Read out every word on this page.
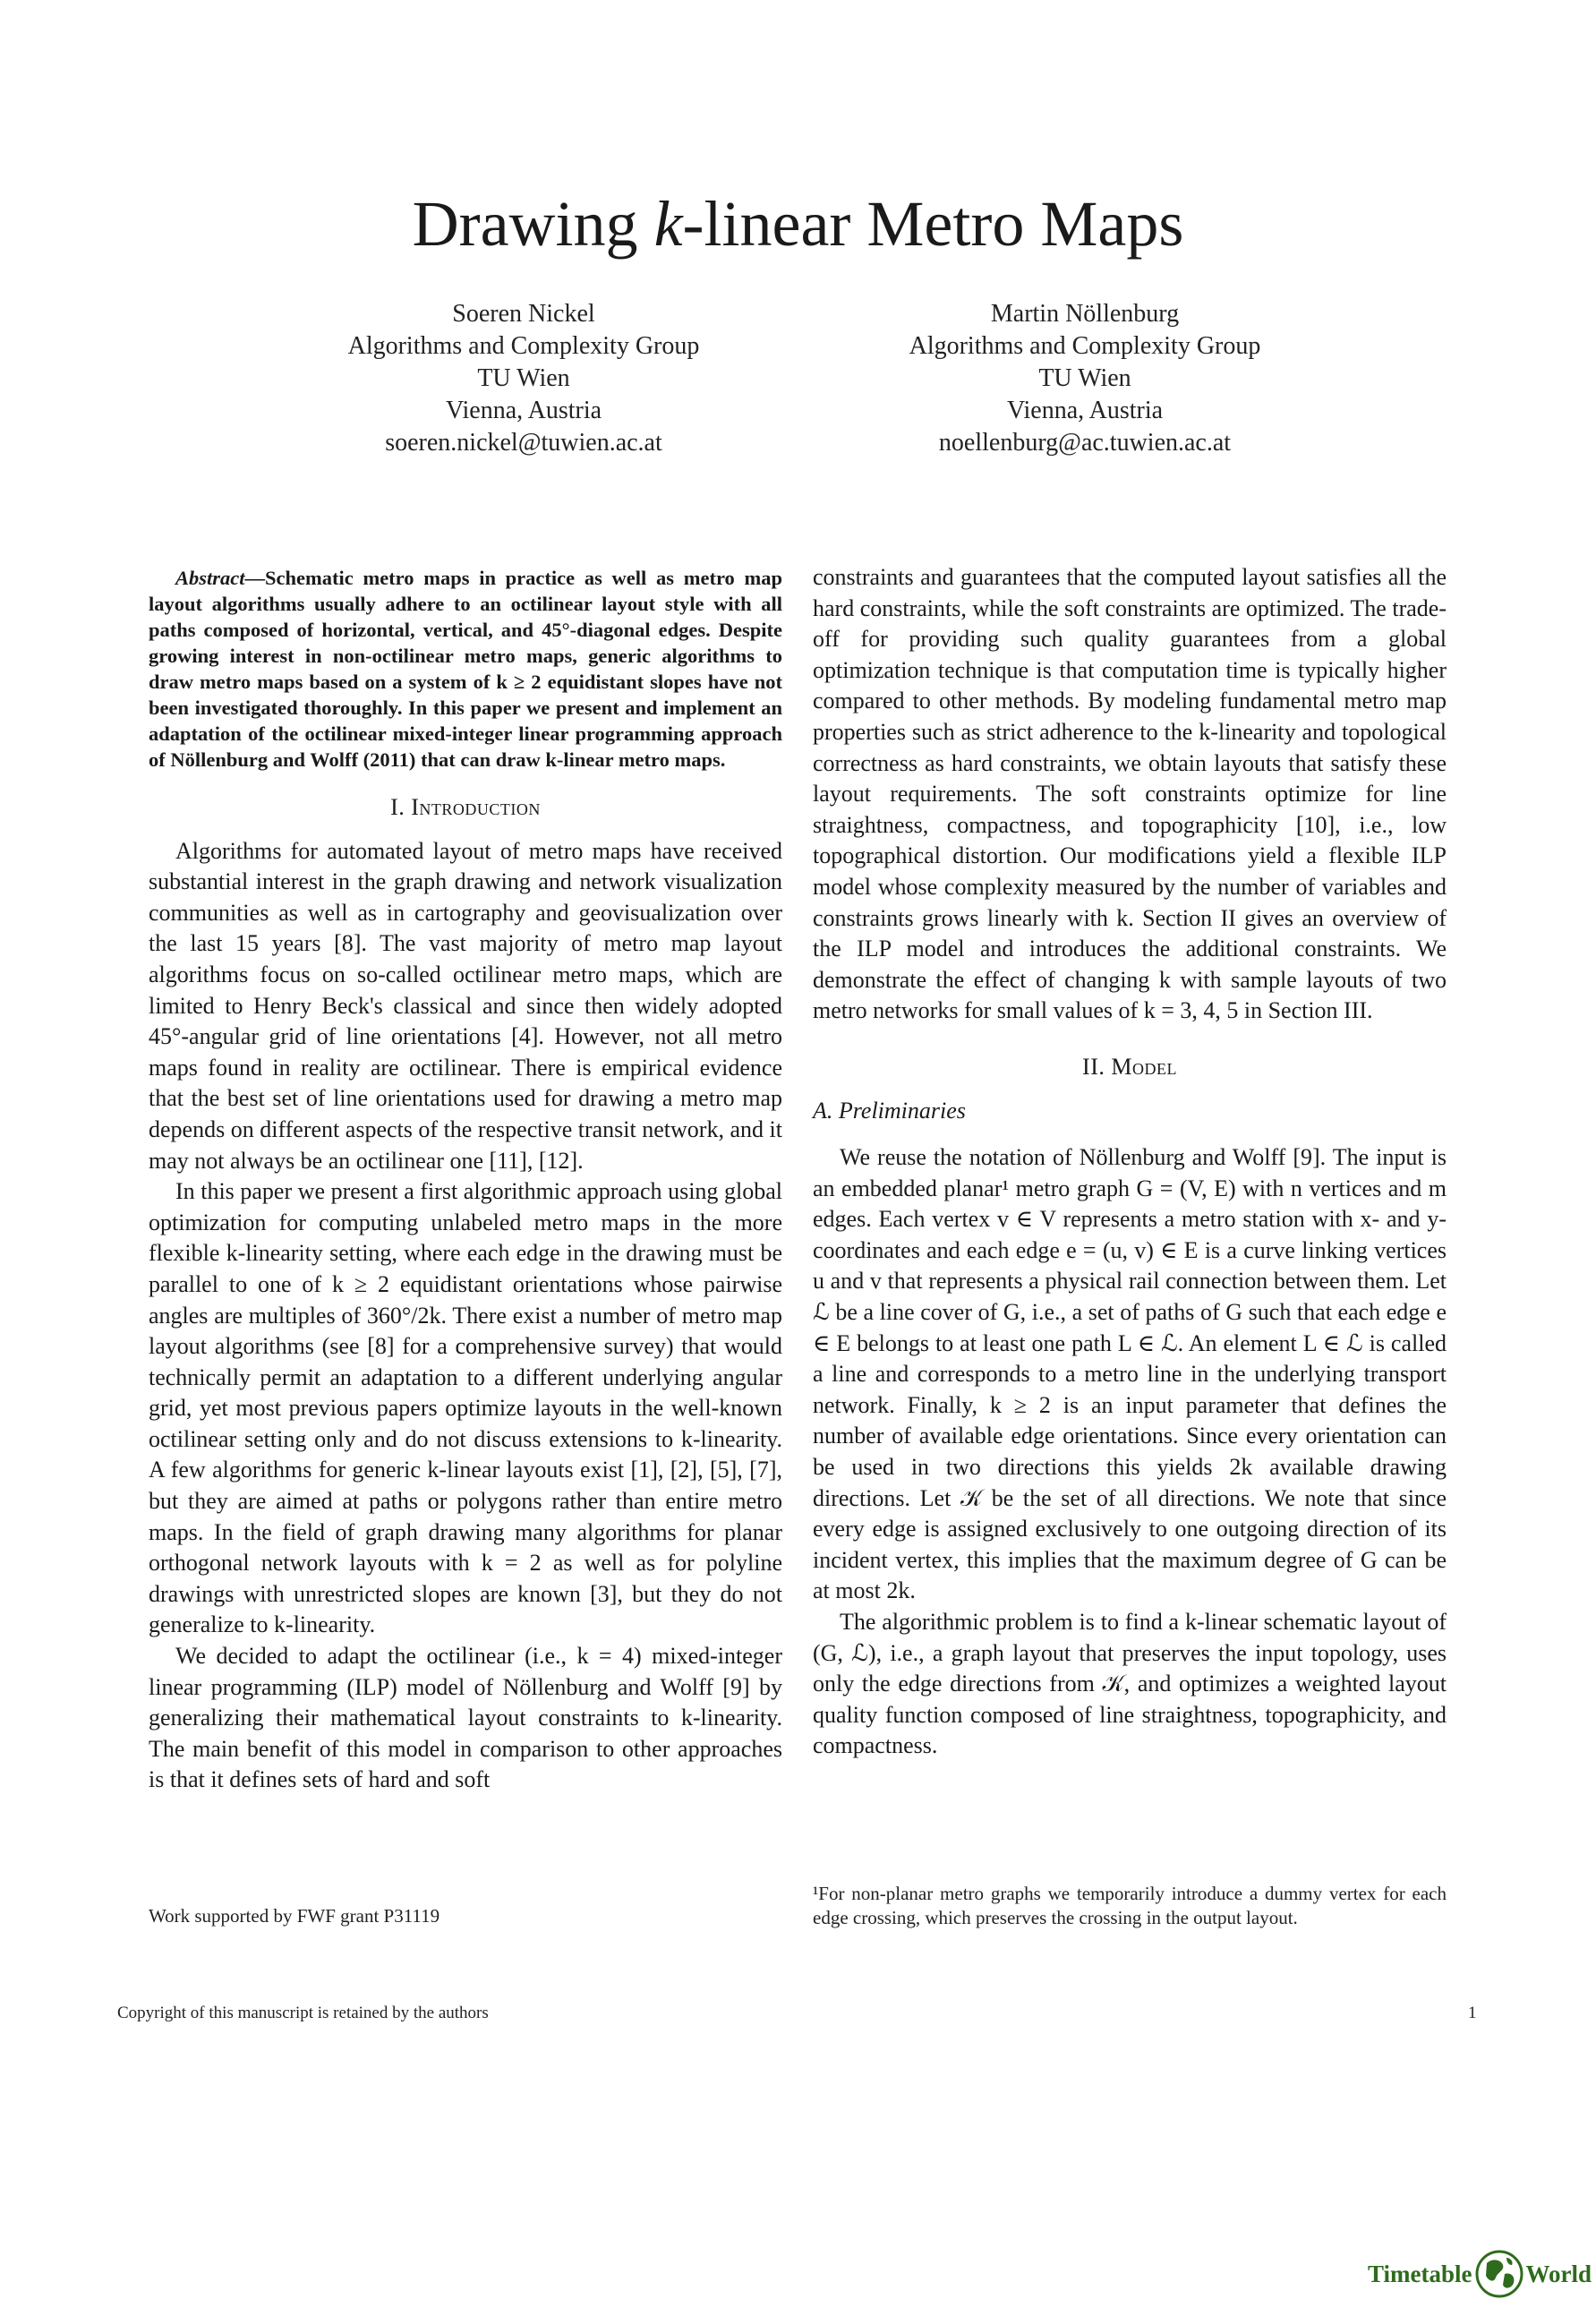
Drawing k-linear Metro Maps
Soeren Nickel
Algorithms and Complexity Group
TU Wien
Vienna, Austria
soeren.nickel@tuwien.ac.at
Martin Nöllenburg
Algorithms and Complexity Group
TU Wien
Vienna, Austria
noellenburg@ac.tuwien.ac.at

Abstract—Schematic metro maps in practice as well as metro map layout algorithms usually adhere to an octilinear layout style with all paths composed of horizontal, vertical, and 45°-diagonal edges. Despite growing interest in non-octilinear metro maps, generic algorithms to draw metro maps based on a system of k ≥ 2 equidistant slopes have not been investigated thoroughly. In this paper we present and implement an adaptation of the octilinear mixed-integer linear programming approach of Nöllenburg and Wolff (2011) that can draw k-linear metro maps.

I. Introduction

Algorithms for automated layout of metro maps have received substantial interest in the graph drawing and network visualization communities as well as in cartography and geovisualization over the last 15 years [8]. The vast majority of metro map layout algorithms focus on so-called octilinear metro maps, which are limited to Henry Beck's classical and since then widely adopted 45°-angular grid of line orientations [4]. However, not all metro maps found in reality are octilinear. There is empirical evidence that the best set of line orientations used for drawing a metro map depends on different aspects of the respective transit network, and it may not always be an octilinear one [11], [12].

In this paper we present a first algorithmic approach using global optimization for computing unlabeled metro maps in the more flexible k-linearity setting, where each edge in the drawing must be parallel to one of k ≥ 2 equidistant orientations whose pairwise angles are multiples of 360°/2k. There exist a number of metro map layout algorithms (see [8] for a comprehensive survey) that would technically permit an adaptation to a different underlying angular grid, yet most previous papers optimize layouts in the well-known octilinear setting only and do not discuss extensions to k-linearity. A few algorithms for generic k-linear layouts exist [1], [2], [5], [7], but they are aimed at paths or polygons rather than entire metro maps. In the field of graph drawing many algorithms for planar orthogonal network layouts with k = 2 as well as for polyline drawings with unrestricted slopes are known [3], but they do not generalize to k-linearity.

We decided to adapt the octilinear (i.e., k = 4) mixed-integer linear programming (ILP) model of Nöllenburg and Wolff [9] by generalizing their mathematical layout constraints to k-linearity. The main benefit of this model in comparison to other approaches is that it defines sets of hard and soft

constraints and guarantees that the computed layout satisfies all the hard constraints, while the soft constraints are optimized. The trade-off for providing such quality guarantees from a global optimization technique is that computation time is typically higher compared to other methods. By modeling fundamental metro map properties such as strict adherence to the k-linearity and topological correctness as hard constraints, we obtain layouts that satisfy these layout requirements. The soft constraints optimize for line straightness, compactness, and topographicity [10], i.e., low topographical distortion. Our modifications yield a flexible ILP model whose complexity measured by the number of variables and constraints grows linearly with k. Section II gives an overview of the ILP model and introduces the additional constraints. We demonstrate the effect of changing k with sample layouts of two metro networks for small values of k = 3, 4, 5 in Section III.

II. Model
A. Preliminaries

We reuse the notation of Nöllenburg and Wolff [9]. The input is an embedded planar¹ metro graph G = (V, E) with n vertices and m edges. Each vertex v ∈ V represents a metro station with x- and y-coordinates and each edge e = (u, v) ∈ E is a curve linking vertices u and v that represents a physical rail connection between them. Let ℒ be a line cover of G, i.e., a set of paths of G such that each edge e ∈ E belongs to at least one path L ∈ ℒ. An element L ∈ ℒ is called a line and corresponds to a metro line in the underlying transport network. Finally, k ≥ 2 is an input parameter that defines the number of available edge orientations. Since every orientation can be used in two directions this yields 2k available drawing directions. Let 𝒦 be the set of all directions. We note that since every edge is assigned exclusively to one outgoing direction of its incident vertex, this implies that the maximum degree of G can be at most 2k.

The algorithmic problem is to find a k-linear schematic layout of (G, ℒ), i.e., a graph layout that preserves the input topology, uses only the edge directions from 𝒦, and optimizes a weighted layout quality function composed of line straightness, topographicity, and compactness.

Work supported by FWF grant P31119
¹For non-planar metro graphs we temporarily introduce a dummy vertex for each edge crossing, which preserves the crossing in the output layout.
Copyright of this manuscript is retained by the authors	1
Timetable World
